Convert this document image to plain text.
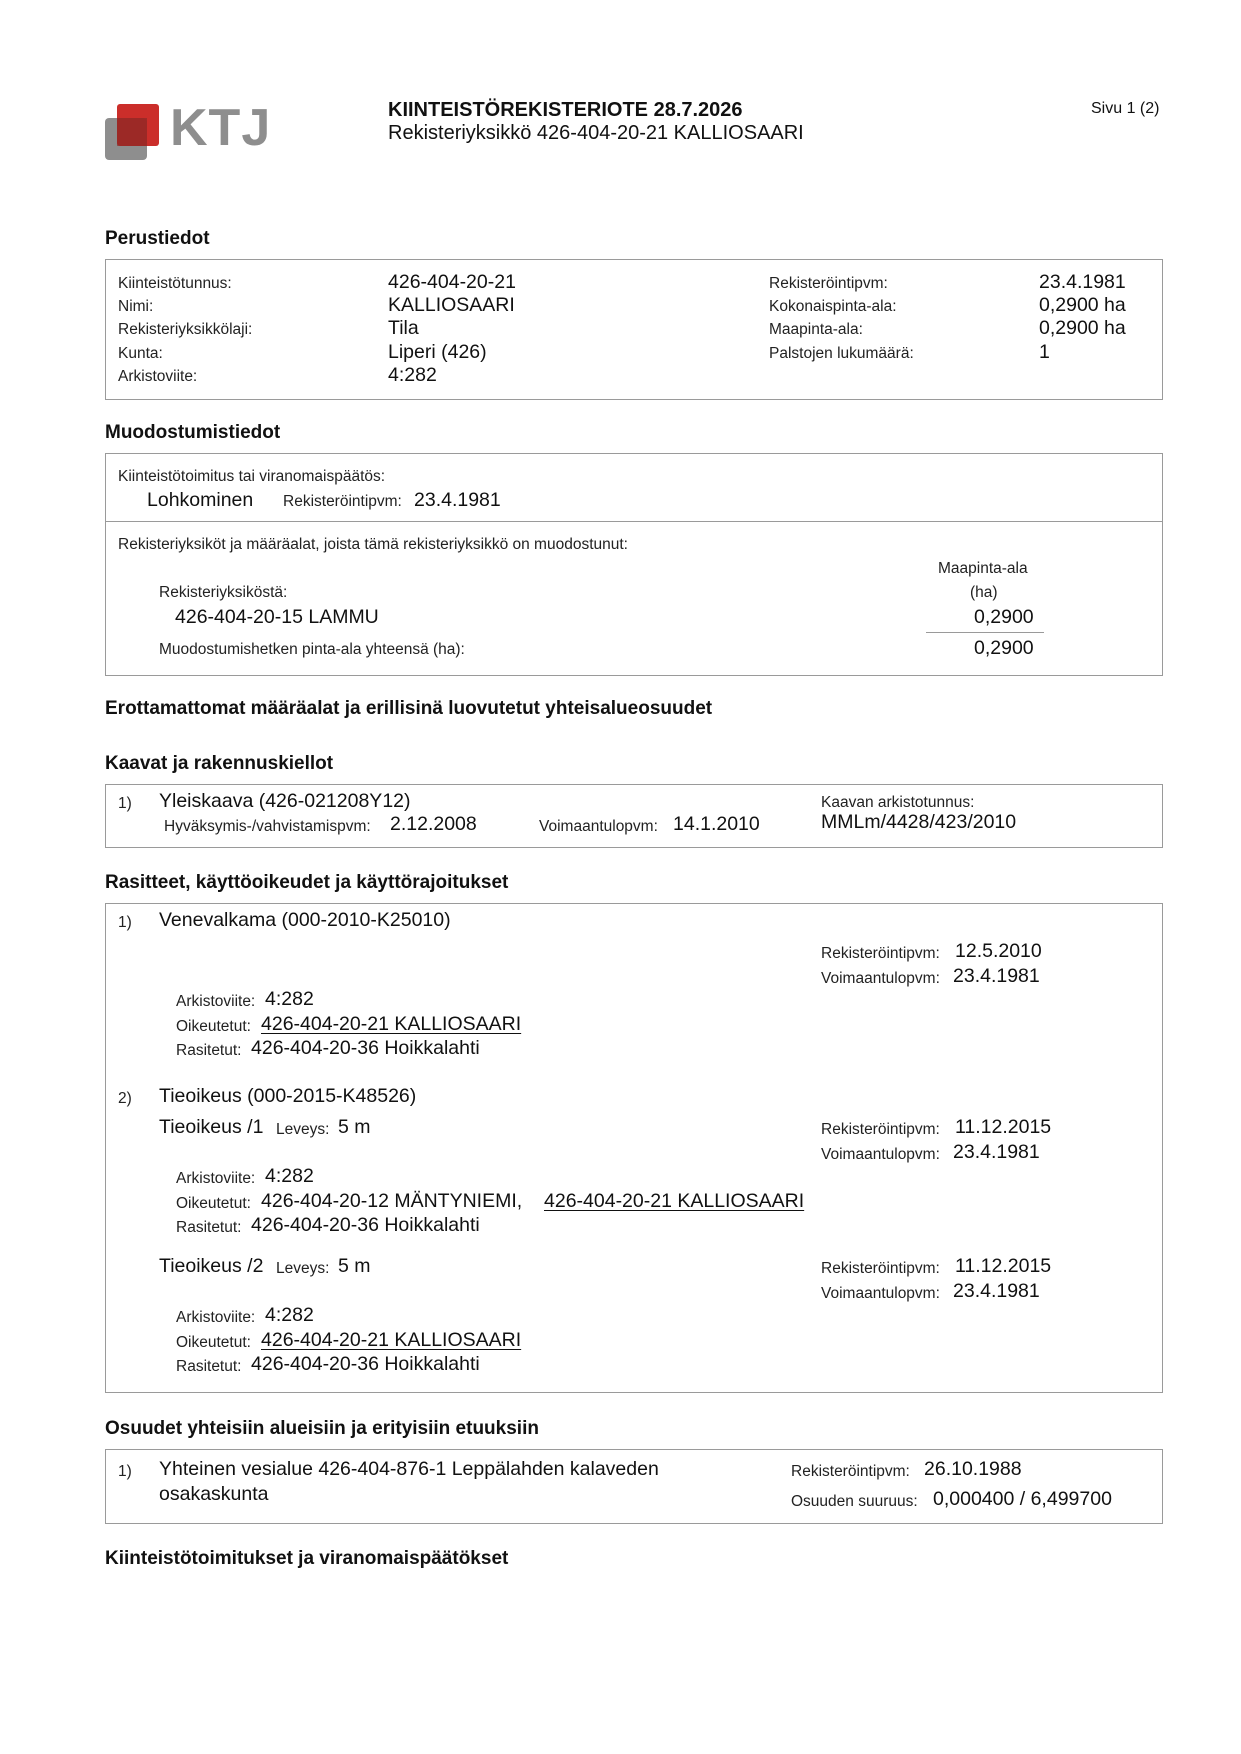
KTJ	KIINTEISTÖREKISTERIOTE 28.7.2026
Rekisteriyksikkö 426-404-20-21 KALLIOSAARI
Sivu 1 (2)
Perustiedot
Kiinteistötunnus:	426-404-20-21
Nimi:	KALLIOSAARI
Rekisteriyksikkölaji:	Tila
Kunta:	Liperi (426)
Arkistoviite:	4:282
Rekisteröintipvm:	23.4.1981
Kokonaispinta-ala:	0,2900 ha
Maapinta-ala:	0,2900 ha
Palstojen lukumäärä:	1
Muodostumistiedot
Kiinteistötoimitus tai viranomaispäätös:
Lohkominen Rekisteröintipvm: 23.4.1981
Rekisteriyksiköt ja määräalat, joista tämä rekisteriyksikkö on muodostunut:
Maapinta-ala
(ha)
Rekisteriyksiköstä:
426-404-20-15 LAMMU	0,2900
Muodostumishetken pinta-ala yhteensä (ha):	0,2900
Erottamattomat määräalat ja erillisinä luovutetut yhteisalueosuudet
Kaavat ja rakennuskiellot
1) Yleiskaava (426-021208Y12)
Hyväksymis-/vahvistamispvm: 2.12.2008	Voimaantulopvm: 14.1.2010
Kaavan arkistotunnus:
MMLm/4428/423/2010
Rasitteet, käyttöoikeudet ja käyttörajoitukset
1) Venevalkama (000-2010-K25010)
Rekisteröintipvm: 12.5.2010
Voimaantulopvm: 23.4.1981
Arkistoviite: 4:282
Oikeutetut: 426-404-20-21 KALLIOSAARI
Rasitetut: 426-404-20-36 Hoikkalahti
2) Tieoikeus (000-2015-K48526)
Tieoikeus /1 Leveys: 5 m	Rekisteröintipvm: 11.12.2015
Voimaantulopvm: 23.4.1981
Arkistoviite: 4:282
Oikeutetut: 426-404-20-12 MÄNTYNIEMI, 426-404-20-21 KALLIOSAARI
Rasitetut: 426-404-20-36 Hoikkalahti
Tieoikeus /2 Leveys: 5 m	Rekisteröintipvm: 11.12.2015
Voimaantulopvm: 23.4.1981
Arkistoviite: 4:282
Oikeutetut: 426-404-20-21 KALLIOSAARI
Rasitetut: 426-404-20-36 Hoikkalahti
Osuudet yhteisiin alueisiin ja erityisiin etuuksiin
1) Yhteinen vesialue 426-404-876-1 Leppälahden kalaveden
osakaskunta
Rekisteröintipvm: 26.10.1988
Osuuden suuruus: 0,000400 / 6,499700
Kiinteistötoimitukset ja viranomaispäätökset
